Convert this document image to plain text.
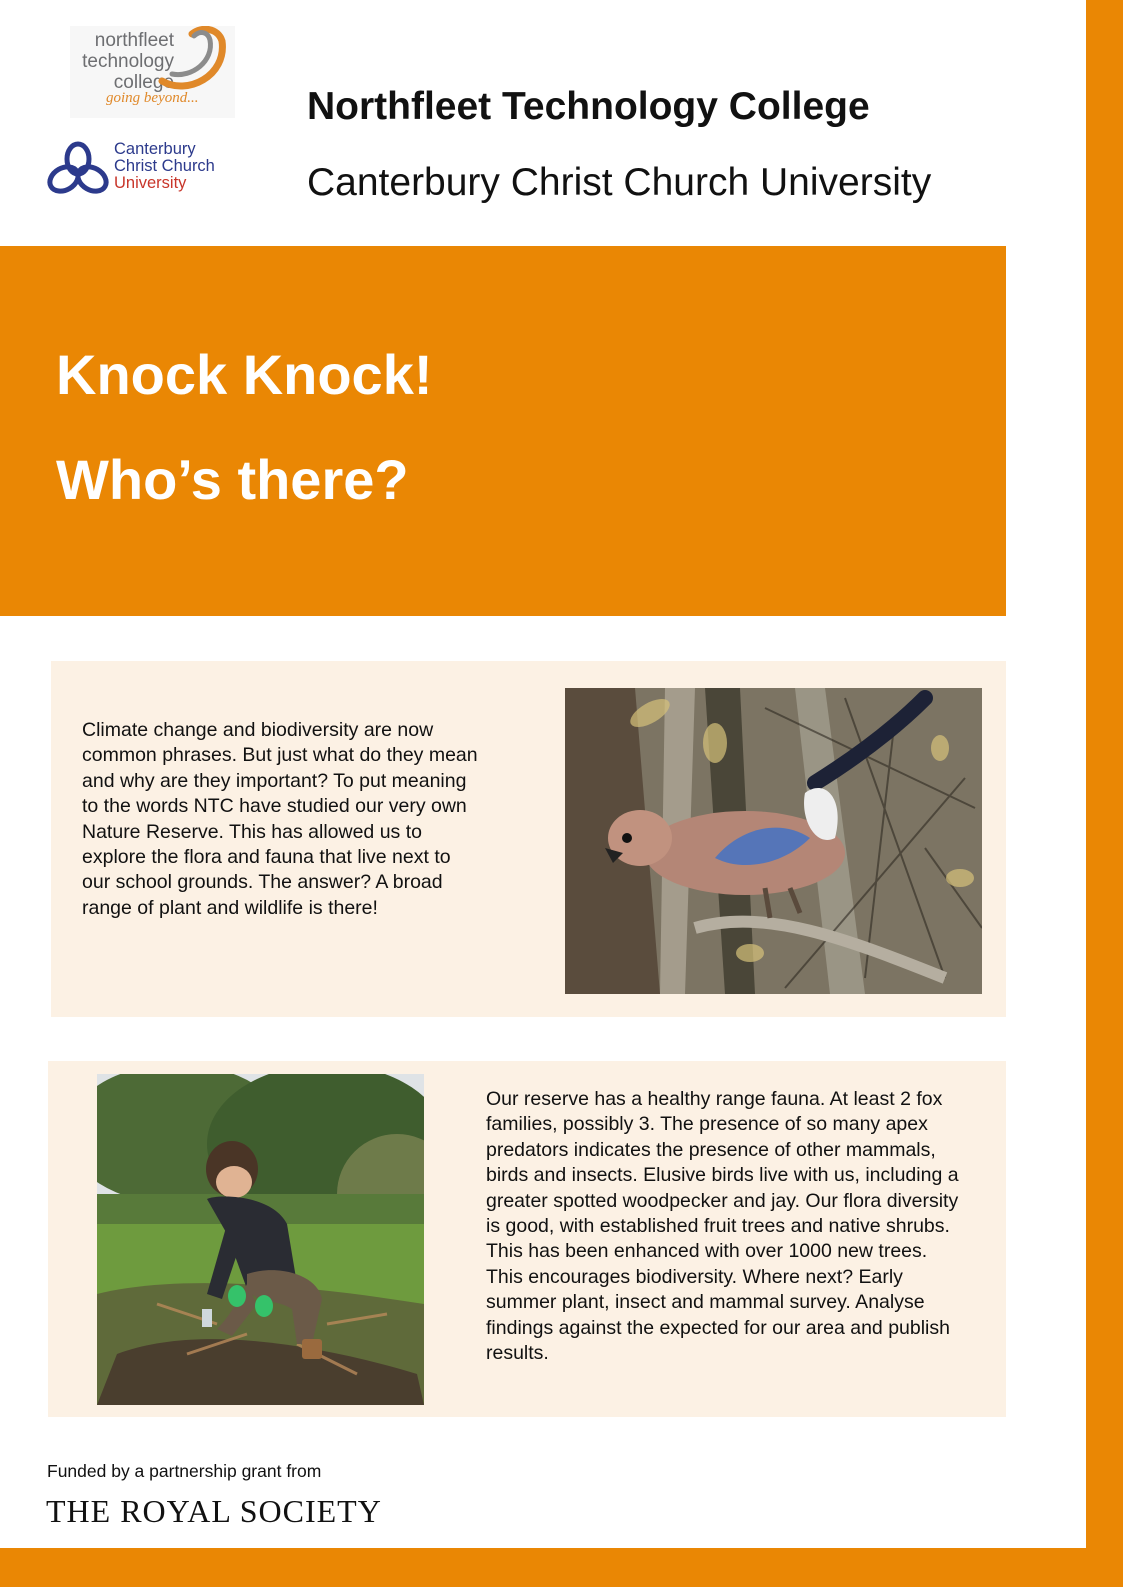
northfleet
technology
college
going beyond...
Canterbury
Christ Church
University
Northfleet Technology College
Canterbury Christ Church University
Knock Knock!
Who’s there?
Climate change and biodiversity are now common phrases. But just what do they mean and why are they important? To put meaning to the words NTC have studied our very own Nature Reserve. This has allowed us to explore the flora and fauna that live next to our school grounds. The answer? A broad range of plant and wildlife is there!
Our reserve has a healthy range fauna. At least 2 fox families, possibly 3. The presence of so many apex predators indicates the presence of other mammals, birds and insects. Elusive birds live with us, including a greater spotted woodpecker and jay. Our flora diversity is good, with established fruit trees and native shrubs. This has been enhanced with over 1000 new trees. This encourages biodiversity. Where next? Early summer plant, insect and mammal survey. Analyse findings against the expected for our area and publish results.
Funded by a partnership grant from
THE ROYAL SOCIETY
